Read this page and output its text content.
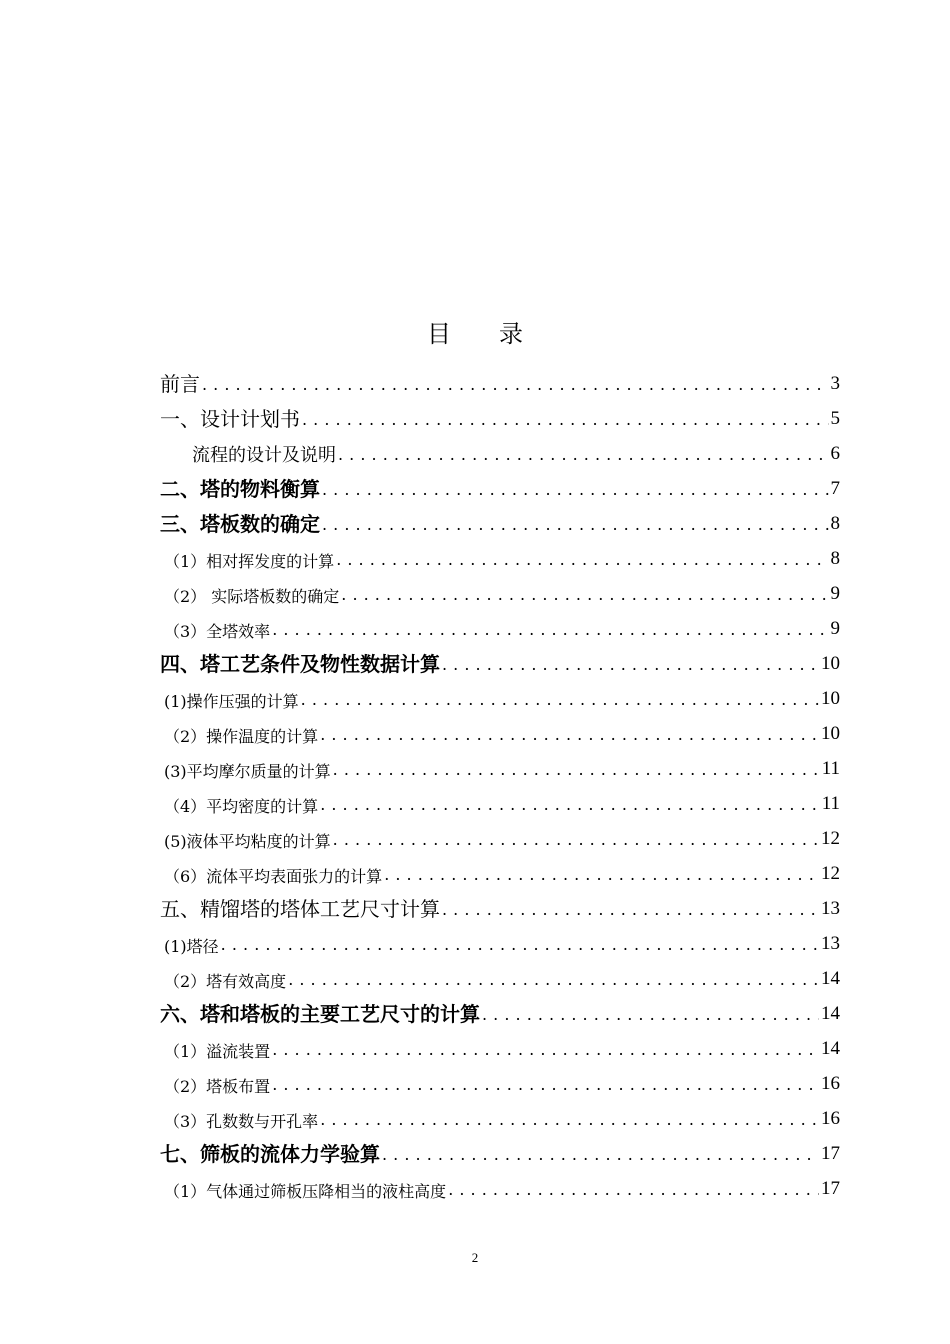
目 录
前言 . . .	3
一、设计计划书 . . .	5
流程的设计及说明 . . .	6
二、塔的物料衡算 . . .	7
三、塔板数的确定 . . .	8
（1）相对挥发度的计算 . . .	8
（2） 实际塔板数的确定 . . .	9
（3）全塔效率 . . .	9
四、塔工艺条件及物性数据计算 . . .	10
(1)操作压强的计算 . . .	10
（2）操作温度的计算 . . .	10
(3)平均摩尔质量的计算 . . .	11
（4）平均密度的计算 . . .	11
(5)液体平均粘度的计算 . . .	12
（6）流体平均表面张力的计算 . . .	12
五、精馏塔的塔体工艺尺寸计算 . . .	13
(1)塔径 . . .	13
（2）塔有效高度 . . .	14
六、塔和塔板的主要工艺尺寸的计算 . . .	14
（1）溢流装置 . . .	14
（2）塔板布置 . . .	16
（3）孔数数与开孔率 . . .	16
七、筛板的流体力学验算 . . .	17
（1）气体通过筛板压降相当的液柱高度 . . .	17
2
